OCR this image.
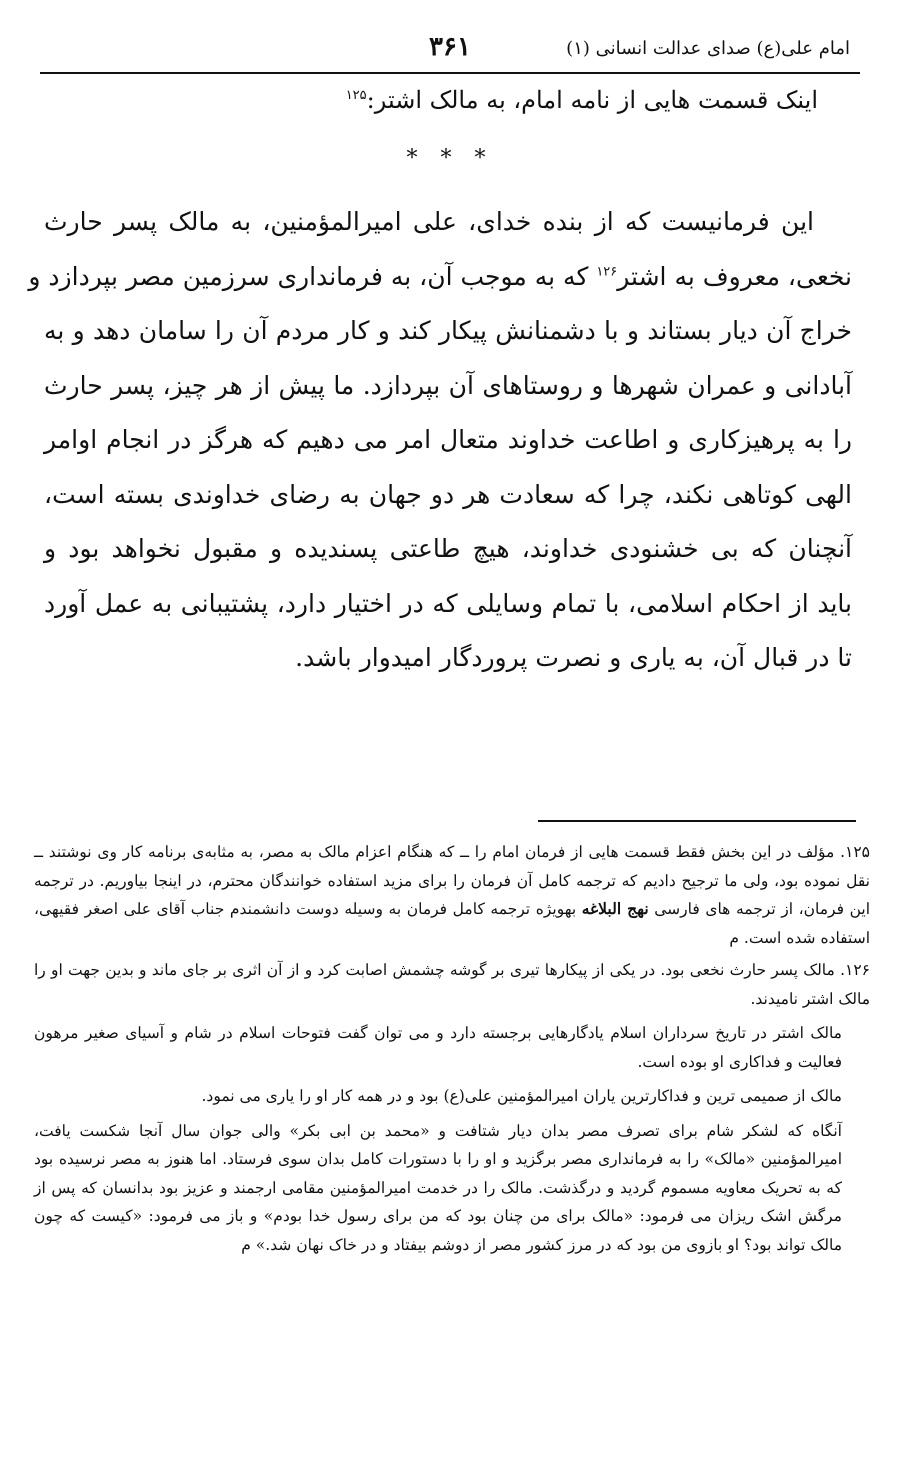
امام علی(ع) صدای عدالت انسانی (۱)
۳۶۱
اینک قسمت هایی از نامه امام، به مالک اشتر:$^{۱۲۵}$
* * *
این فرمانیست که از بنده خدای، علی امیرالمؤمنین، به مالک پسر حارث
نخعی، معروف به اشتر$^{۱۲۶}$ که به موجب آن، به فرمانداری سرزمین مصر بپردازد و
خراج آن دیار بستاند و با دشمنانش پیکار کند و کار مردم آن را سامان دهد و به
آبادانی و عمران شهرها و روستاهای آن بپردازد. ما پیش از هر چیز، پسر حارث
را به پرهیزکاری و اطاعت خداوند متعال امر می دهیم که هرگز در انجام اوامر
الهی کوتاهی نکند، چرا که سعادت هر دو جهان به رضای خداوندی بسته است،
آنچنان که بی خشنودی خداوند، هیچ طاعتی پسندیده و مقبول نخواهد بود و
باید از احکام اسلامی، با تمام وسایلی که در اختیار دارد، پشتیبانی به عمل آورد
تا در قبال آن، به یاری و نصرت پروردگار امیدوار باشد.

۱۲۵. مؤلف در این بخش فقط قسمت هایی از فرمان امام را ــ که هنگام اعزام مالک به مصر، به مثابه‌ی برنامه کار وی نوشتند ــ نقل نموده بود، ولی ما ترجیح دادیم که ترجمه کامل آن فرمان را برای مزید استفاده خوانندگان محترم، در اینجا بیاوریم. در ترجمه این فرمان، از ترجمه های فارسی نهج البلاغه بهویژه ترجمه کامل فرمان به وسیله دوست دانشمندم جناب آقای علی اصغر فقیهی، استفاده شده است. م

۱۲۶. مالک پسر حارث نخعی بود. در یکی از پیکارها تیری بر گوشه چشمش اصابت کرد و از آن اثری بر جای ماند و بدین جهت او را مالک اشتر نامیدند.

مالک اشتر در تاریخ سرداران اسلام یادگارهایی برجسته دارد و می توان گفت فتوحات اسلام در شام و آسیای صغیر مرهون فعالیت و فداکاری او بوده است.

مالک از صمیمی ترین و فداکارترین یاران امیرالمؤمنین علی(ع) بود و در همه کار او را یاری می نمود.

آنگاه که لشکر شام برای تصرف مصر بدان دیار شتافت و «محمد بن ابی بکر» والی جوان سال آنجا شکست یافت، امیرالمؤمنین «مالک» را به فرمانداری مصر برگزید و او را با دستورات کامل بدان سوی فرستاد. اما هنوز به مصر نرسیده بود که به تحریک معاویه مسموم گردید و درگذشت. مالک را در خدمت امیرالمؤمنین مقامی ارجمند و عزیز بود بدانسان که پس از مرگش اشک ریزان می فرمود: «مالک برای من چنان بود که من برای رسول خدا بودم» و باز می فرمود: «کیست که چون مالک تواند بود؟ او بازوی من بود که در مرز کشور مصر از دوشم بیفتاد و در خاک نهان شد.» م
